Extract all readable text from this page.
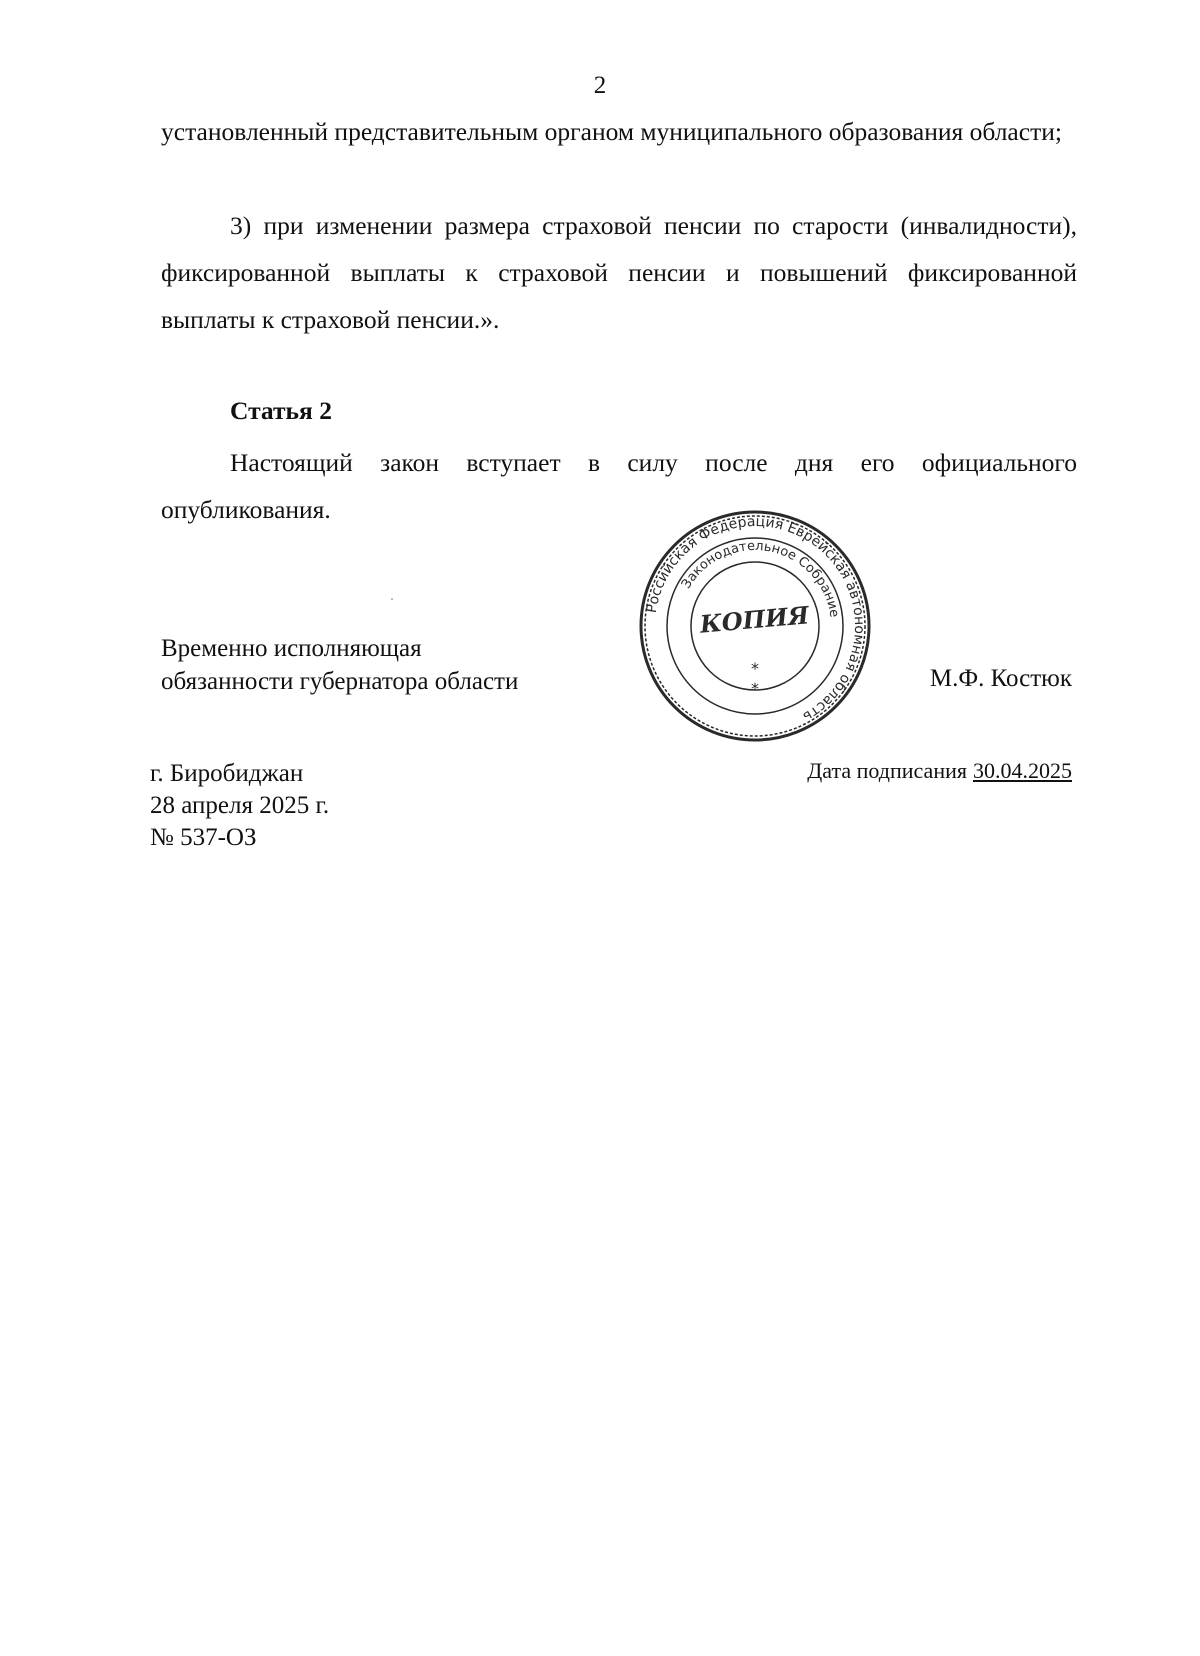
2
установленный представительным органом муниципального образования области;
3) при изменении размера страховой пенсии по старости (инвалидности), фиксированной выплаты к страховой пенсии и повышений фиксированной выплаты к страховой пенсии.».
Статья 2
Настоящий закон вступает в силу после дня его официального опубликования.
Временно исполняющая
обязанности губернатора области	М.Ф. Костюк
Российская Федерация Еврейская автономная область
Законодательное Собрание
КОПИЯ
*
*
г. Биробиджан
28 апреля 2025 г.
№ 537-ОЗ
Дата подписания 30.04.2025
